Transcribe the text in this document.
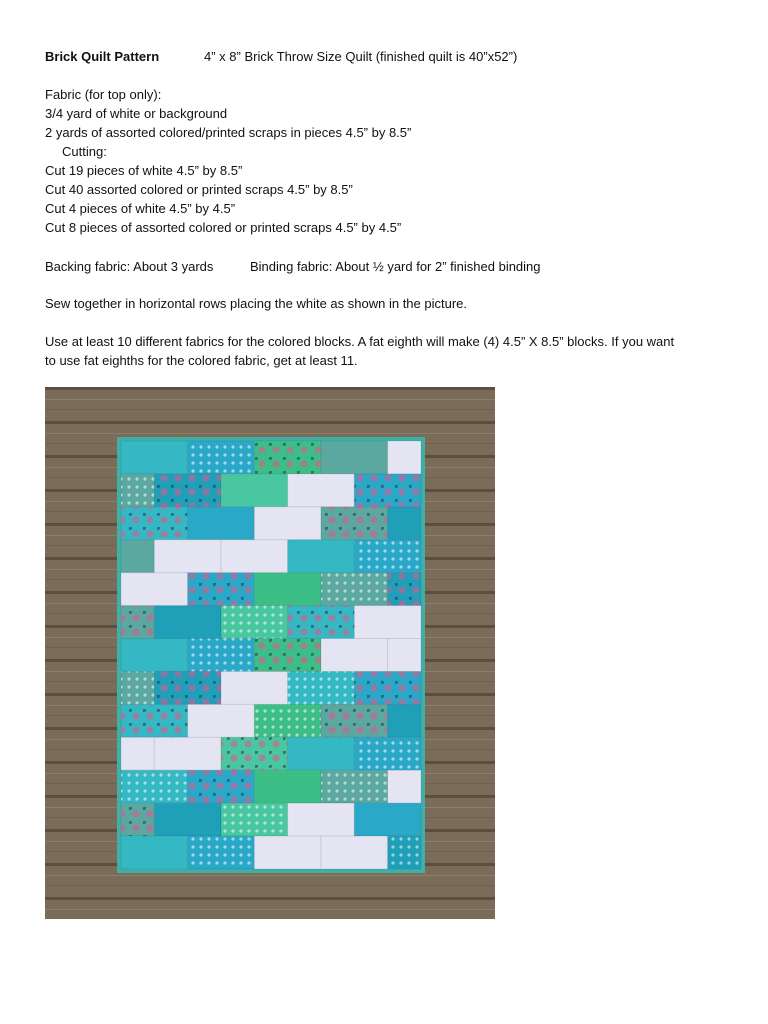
Brick Quilt Pattern	4” x 8” Brick Throw Size Quilt (finished quilt is 40”x52”)
Fabric (for top only):
3/4 yard of white or background
2 yards of assorted colored/printed scraps in pieces 4.5” by 8.5”
Cutting:
Cut 19 pieces of white 4.5” by 8.5”
Cut 40 assorted colored or printed scraps 4.5” by 8.5”
Cut 4 pieces of white 4.5” by 4.5”
Cut 8 pieces of assorted colored or printed scraps 4.5” by 4.5”
Backing fabric: About 3 yards	Binding fabric: About ½ yard for 2” finished binding
Sew together in horizontal rows placing the white as shown in the picture.
Use at least 10 different fabrics for the colored blocks. A fat eighth will make (4) 4.5” X 8.5” blocks. If you want
to use fat eighths for the colored fabric, get at least 11.
